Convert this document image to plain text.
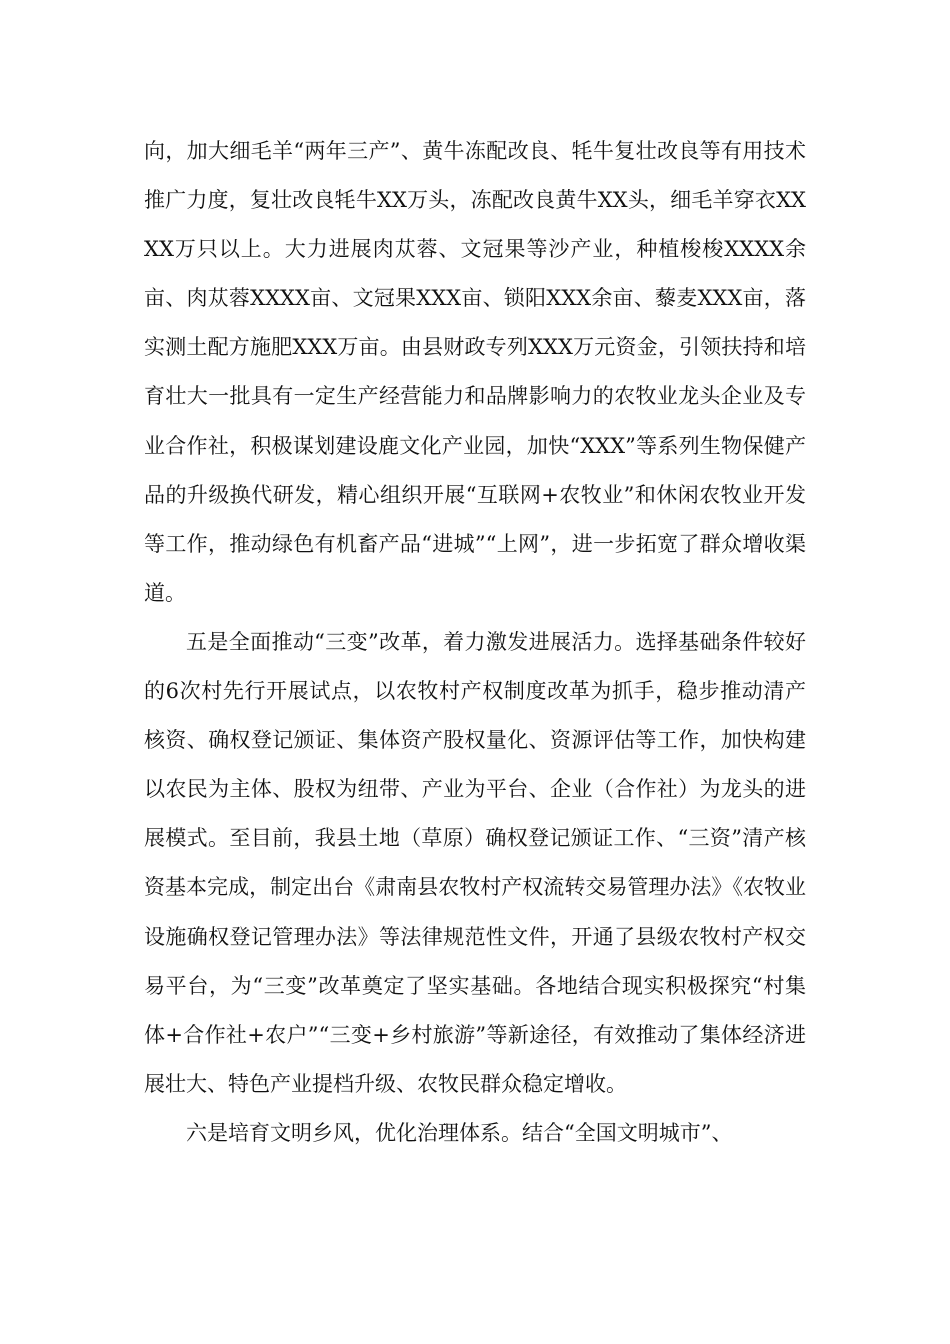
向，加大细毛羊“两年三产”、黄牛冻配改良、牦牛复壮改良等有用技术推广力度，复壮改良牦牛XX万头，冻配改良黄牛XX头，细毛羊穿衣XXXX万只以上。大力进展肉苁蓉、文冠果等沙产业，种植梭梭XXXX余亩、肉苁蓉XXXX亩、文冠果XXX亩、锁阳XXX余亩、藜麦XXX亩，落实测土配方施肥XXX万亩。由县财政专列XXX万元资金，引领扶持和培育壮大一批具有一定生产经营能力和品牌影响力的农牧业龙头企业及专业合作社，积极谋划建设鹿文化产业园，加快“XXX”等系列生物保健产品的升级换代研发，精心组织开展“互联网+农牧业”和休闲农牧业开发等工作，推动绿色有机畜产品“进城”“上网”，进一步拓宽了群众增收渠道。

五是全面推动“三变”改革，着力激发进展活力。选择基础条件较好的6次村先行开展试点，以农牧村产权制度改革为抓手，稳步推动清产核资、确权登记颁证、集体资产股权量化、资源评估等工作，加快构建以农民为主体、股权为纽带、产业为平台、企业（合作社）为龙头的进展模式。至目前，我县土地（草原）确权登记颁证工作、“三资”清产核资基本完成，制定出台《肃南县农牧村产权流转交易管理办法》《农牧业设施确权登记管理办法》等法律规范性文件，开通了县级农牧村产权交易平台，为“三变”改革奠定了坚实基础。各地结合现实积极探究“村集体+合作社+农户”“三变+乡村旅游”等新途径，有效推动了集体经济进展壮大、特色产业提档升级、农牧民群众稳定增收。

六是培育文明乡风，优化治理体系。结合“全国文明城市”、
